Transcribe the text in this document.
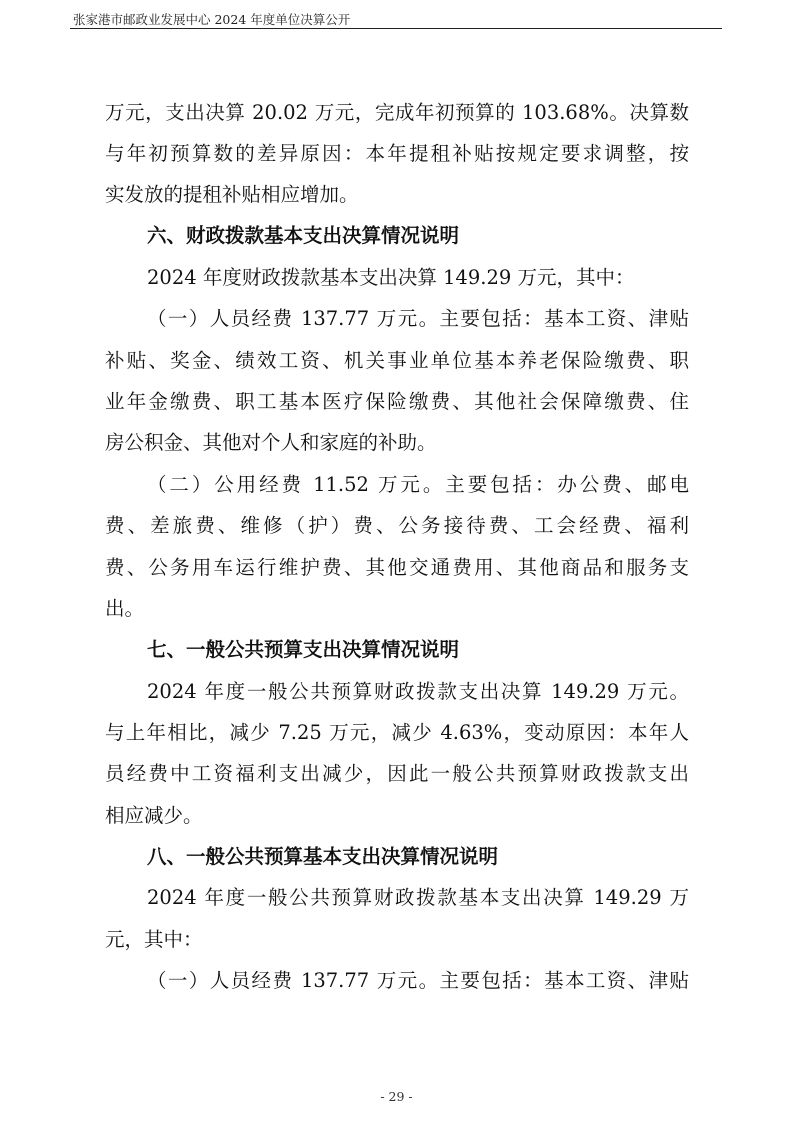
张家港市邮政业发展中心 2024 年度单位决算公开
万元，支出决算 20.02 万元，完成年初预算的 103.68%。决算数
与年初预算数的差异原因：本年提租补贴按规定要求调整，按
实发放的提租补贴相应增加。
六、财政拨款基本支出决算情况说明
2024 年度财政拨款基本支出决算 149.29 万元，其中：
（一）人员经费 137.77 万元。主要包括：基本工资、津贴
补贴、奖金、绩效工资、机关事业单位基本养老保险缴费、职
业年金缴费、职工基本医疗保险缴费、其他社会保障缴费、住
房公积金、其他对个人和家庭的补助。
（二）公用经费 11.52 万元。主要包括：办公费、邮电
费、差旅费、维修（护）费、公务接待费、工会经费、福利
费、公务用车运行维护费、其他交通费用、其他商品和服务支
出。
七、一般公共预算支出决算情况说明
2024 年度一般公共预算财政拨款支出决算 149.29 万元。
与上年相比，减少 7.25 万元，减少 4.63%，变动原因：本年人
员经费中工资福利支出减少，因此一般公共预算财政拨款支出
相应减少。
八、一般公共预算基本支出决算情况说明
2024 年度一般公共预算财政拨款基本支出决算 149.29 万
元，其中：
（一）人员经费 137.77 万元。主要包括：基本工资、津贴
- 29 -
